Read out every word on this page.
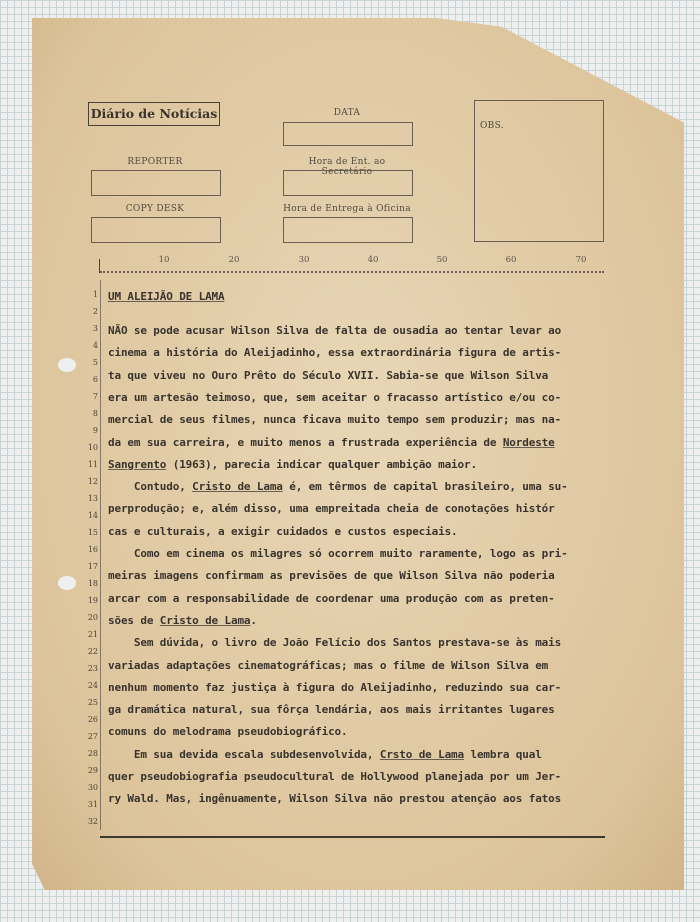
Diário de Notícias	DATA
OBS.
REPORTER	Hora de Ent. ao Secretário
COPY DESK	Hora de Entrega à Oficina
10	20	30	40	50	60	70
1
2
3
4
5
6
7
8
9
10
11
12
13
14
15
16
17
18
19
20
21
22
23
24
25
26
27
28
29
30
31
32
UM ALEIJÃO DE LAMA
NÃO se pode acusar Wilson Silva de falta de ousadia ao tentar levar ao
cinema a história do Aleijadinho, essa extraordinária figura de artis-
ta que viveu no Ouro Prêto do Século XVII. Sabia-se que Wilson Silva
era um artesão teimoso, que, sem aceitar o fracasso artístico e/ou co-
mercial de seus filmes, nunca ficava muito tempo sem produzir; mas na-
da em sua carreira, e muito menos a frustrada experiência de Nordeste
Sangrento (1963), parecia indicar qualquer ambição maior.
Contudo, Cristo de Lama é, em têrmos de capital brasileiro, uma su-
perprodução; e, além disso, uma empreitada cheia de conotações histór
cas e culturais, a exigir cuidados e custos especiais.
Como em cinema os milagres só ocorrem muito raramente, logo as pri-
meiras imagens confirmam as previsões de que Wilson Silva não poderia
arcar com a responsabilidade de coordenar uma produção com as preten-
sões de Cristo de Lama.
Sem dúvida, o livro de João Felício dos Santos prestava-se às mais
variadas adaptações cinematográficas; mas o filme de Wilson Silva em
nenhum momento faz justiça à figura do Aleijadinho, reduzindo sua car-
ga dramática natural, sua fôrça lendária, aos mais irritantes lugares
comuns do melodrama pseudobiográfico.
Em sua devida escala subdesenvolvida, Crsto de Lama lembra qual
quer pseudobiografia pseudocultural de Hollywood planejada por um Jer-
ry Wald. Mas, ingênuamente, Wilson Silva não prestou atenção aos fatos
